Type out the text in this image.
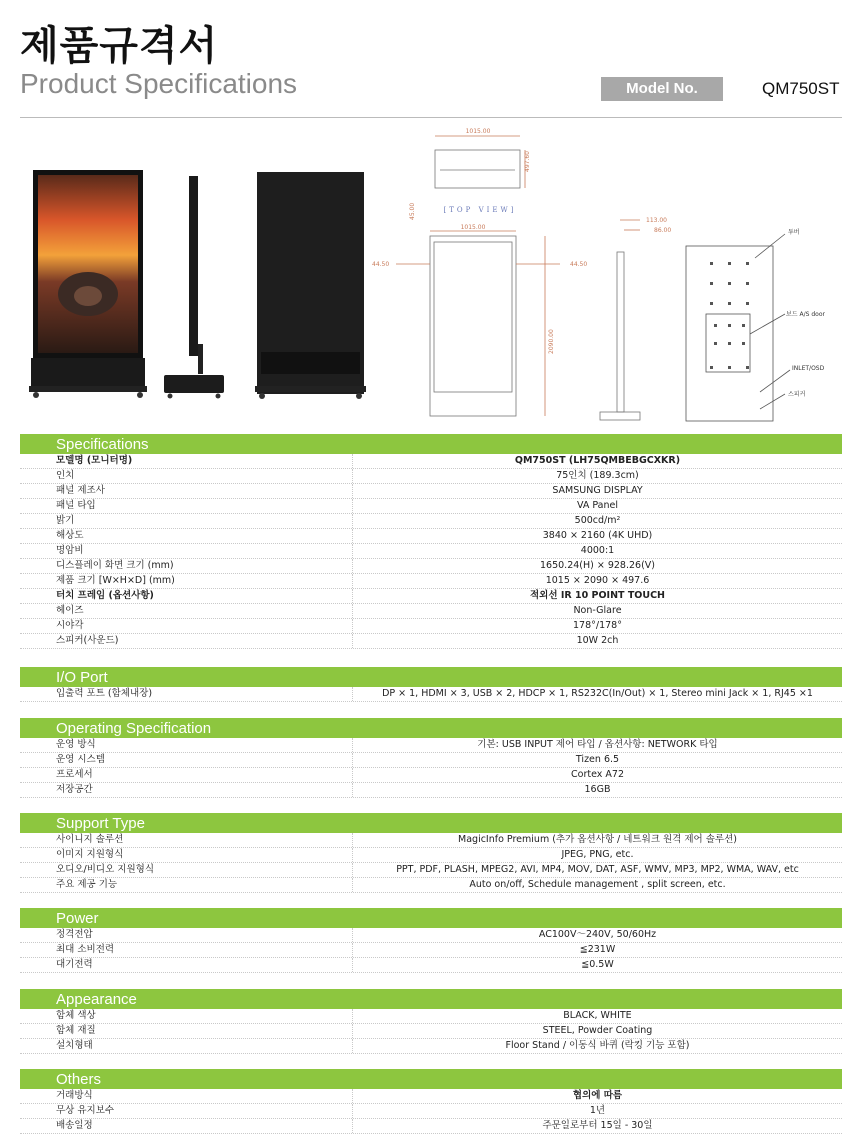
제품규격서
Product Specifications	Model No.	QM750ST
1015.00
497.60
[TOP VIEW]
1015.00
45.00
44.50	44.50
2090.00
113.00
86.00	투버
보드 A/S door
INLET/OSD
스피커
Specifications
모델명 (모니터명)	QM750ST (LH75QMBEBGCXKR)
인치	75인치 (189.3cm)
패널 제조사	SAMSUNG DISPLAY
패널 타입	VA Panel
밝기	500cd/m²
해상도	3840 × 2160 (4K UHD)
명암비	4000:1
디스플레이 화면 크기 (mm)	1650.24(H) × 928.26(V)
제품 크기 [W×H×D] (mm)	1015 × 2090 × 497.6
터치 프레임 (옵션사항)	적외선 IR 10 POINT TOUCH
헤이즈	Non-Glare
시야각	178°/178°
스피커(사운드)	10W 2ch
I/O Port
입출력 포트 (함체내장)	DP × 1, HDMI × 3, USB × 2, HDCP × 1, RS232C(In/Out) × 1, Stereo mini Jack × 1, RJ45 ×1
Operating Specification
운영 방식	기본: USB INPUT 제어 타입 / 옵션사항: NETWORK 타입
운영 시스템	Tizen 6.5
프로세서	Cortex A72
저장공간	16GB
Support Type
사이니지 솔루션	MagicInfo Premium (추가 옵션사항 / 네트워크 원격 제어 솔루션)
이미지 지원형식	JPEG, PNG, etc.
오디오/비디오 지원형식	PPT, PDF, PLASH, MPEG2, AVI, MP4, MOV, DAT, ASF, WMV, MP3, MP2, WMA, WAV, etc
주요 제공 기능	Auto on/off, Schedule management , split screen, etc.
Power
정격전압	AC100V～240V, 50/60Hz
최대 소비전력	≦231W
대기전력	≦0.5W
Appearance
함체 색상	BLACK, WHITE
함체 재질	STEEL, Powder Coating
설치형태	Floor Stand / 이동식 바퀴 (락킹 기능 포함)
Others
거래방식	협의에 따름
무상 유지보수	1년
배송일정	주문일로부터 15일 - 30일
